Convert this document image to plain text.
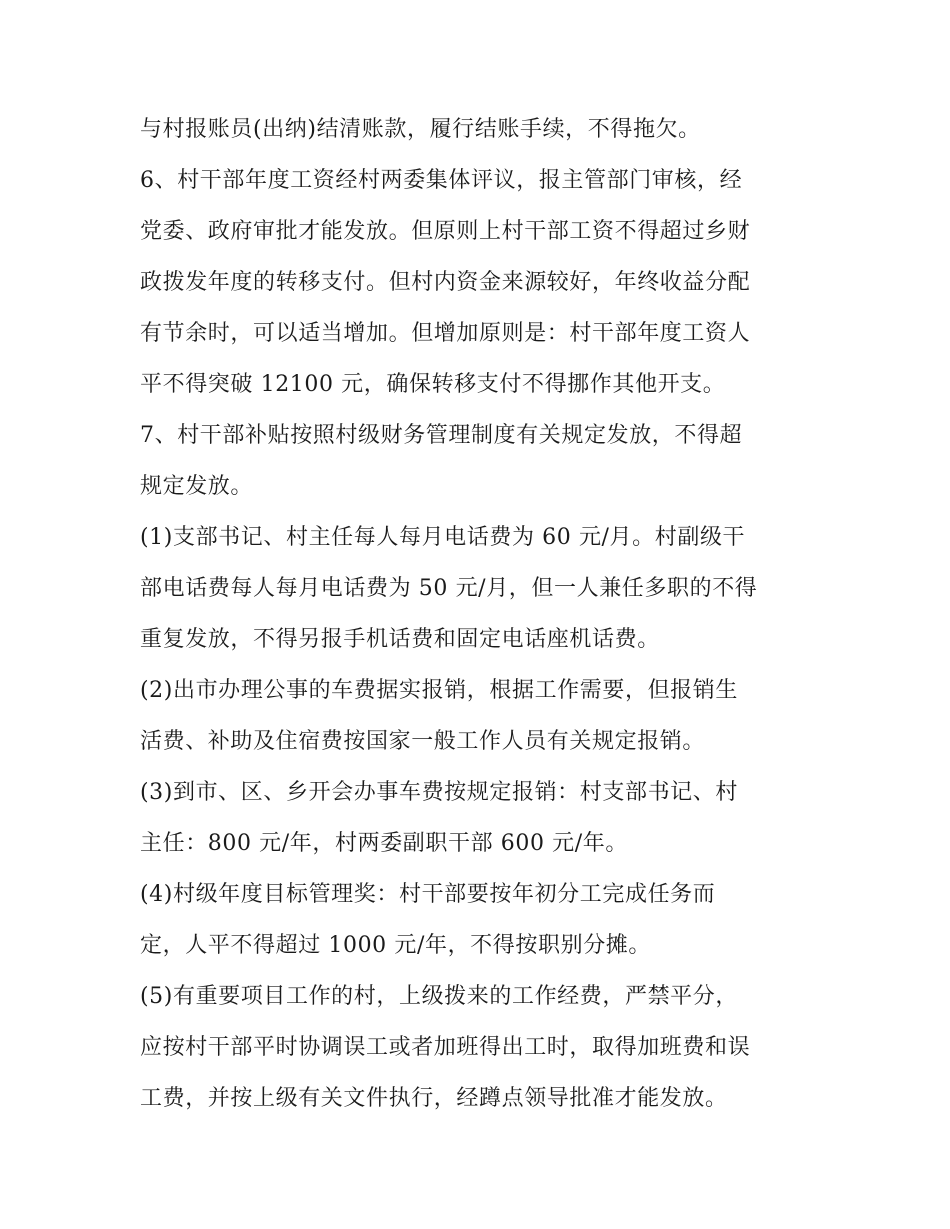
与村报账员(出纳)结清账款，履行结账手续，不得拖欠。
6、村干部年度工资经村两委集体评议，报主管部门审核，经
党委、政府审批才能发放。但原则上村干部工资不得超过乡财
政拨发年度的转移支付。但村内资金来源较好，年终收益分配
有节余时，可以适当增加。但增加原则是：村干部年度工资人
平不得突破 12100 元，确保转移支付不得挪作其他开支。
7、村干部补贴按照村级财务管理制度有关规定发放，不得超
规定发放。
(1)支部书记、村主任每人每月电话费为 60 元/月。村副级干
部电话费每人每月电话费为 50 元/月，但一人兼任多职的不得
重复发放，不得另报手机话费和固定电话座机话费。
(2)出市办理公事的车费据实报销，根据工作需要，但报销生
活费、补助及住宿费按国家一般工作人员有关规定报销。
(3)到市、区、乡开会办事车费按规定报销：村支部书记、村
主任：800 元/年，村两委副职干部 600 元/年。
(4)村级年度目标管理奖：村干部要按年初分工完成任务而
定，人平不得超过 1000 元/年，不得按职别分摊。
(5)有重要项目工作的村，上级拨来的工作经费，严禁平分，
应按村干部平时协调误工或者加班得出工时，取得加班费和误
工费，并按上级有关文件执行，经蹲点领导批准才能发放。
